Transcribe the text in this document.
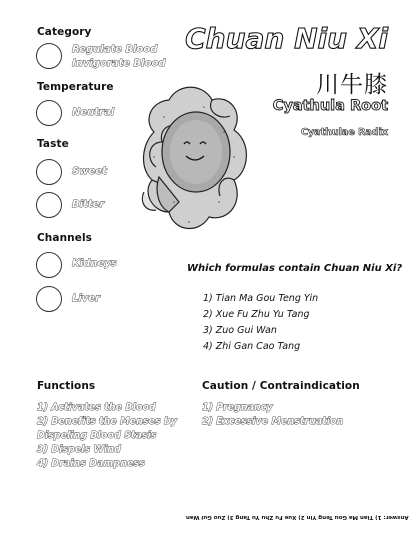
Category
Regulate Blood
Invigorate Blood
Temperature
Neutral
Taste
Sweet
Bitter
Channels
Kidneys
Liver
Chuan Niu Xi
川牛膝
Cyathula Root
Cyathulae Radix
Which formulas contain Chuan Niu Xi?
1) Tian Ma Gou Teng Yin
2) Xue Fu Zhu Yu Tang
3) Zuo Gui Wan
4) Zhi Gan Cao Tang
Functions
1) Activates the Blood
2) Benefits the Menses by
Dispeling Blood Stasis
3) Dispels Wind
4) Drains Dampness
Caution / Contraindication
1) Pregnancy
2) Excessive Menstruation
Answer: 1) Tian Ma Gou Teng Yin 2) Xue Fu Zhu Yu Tang 3) Zuo Gui Wan
